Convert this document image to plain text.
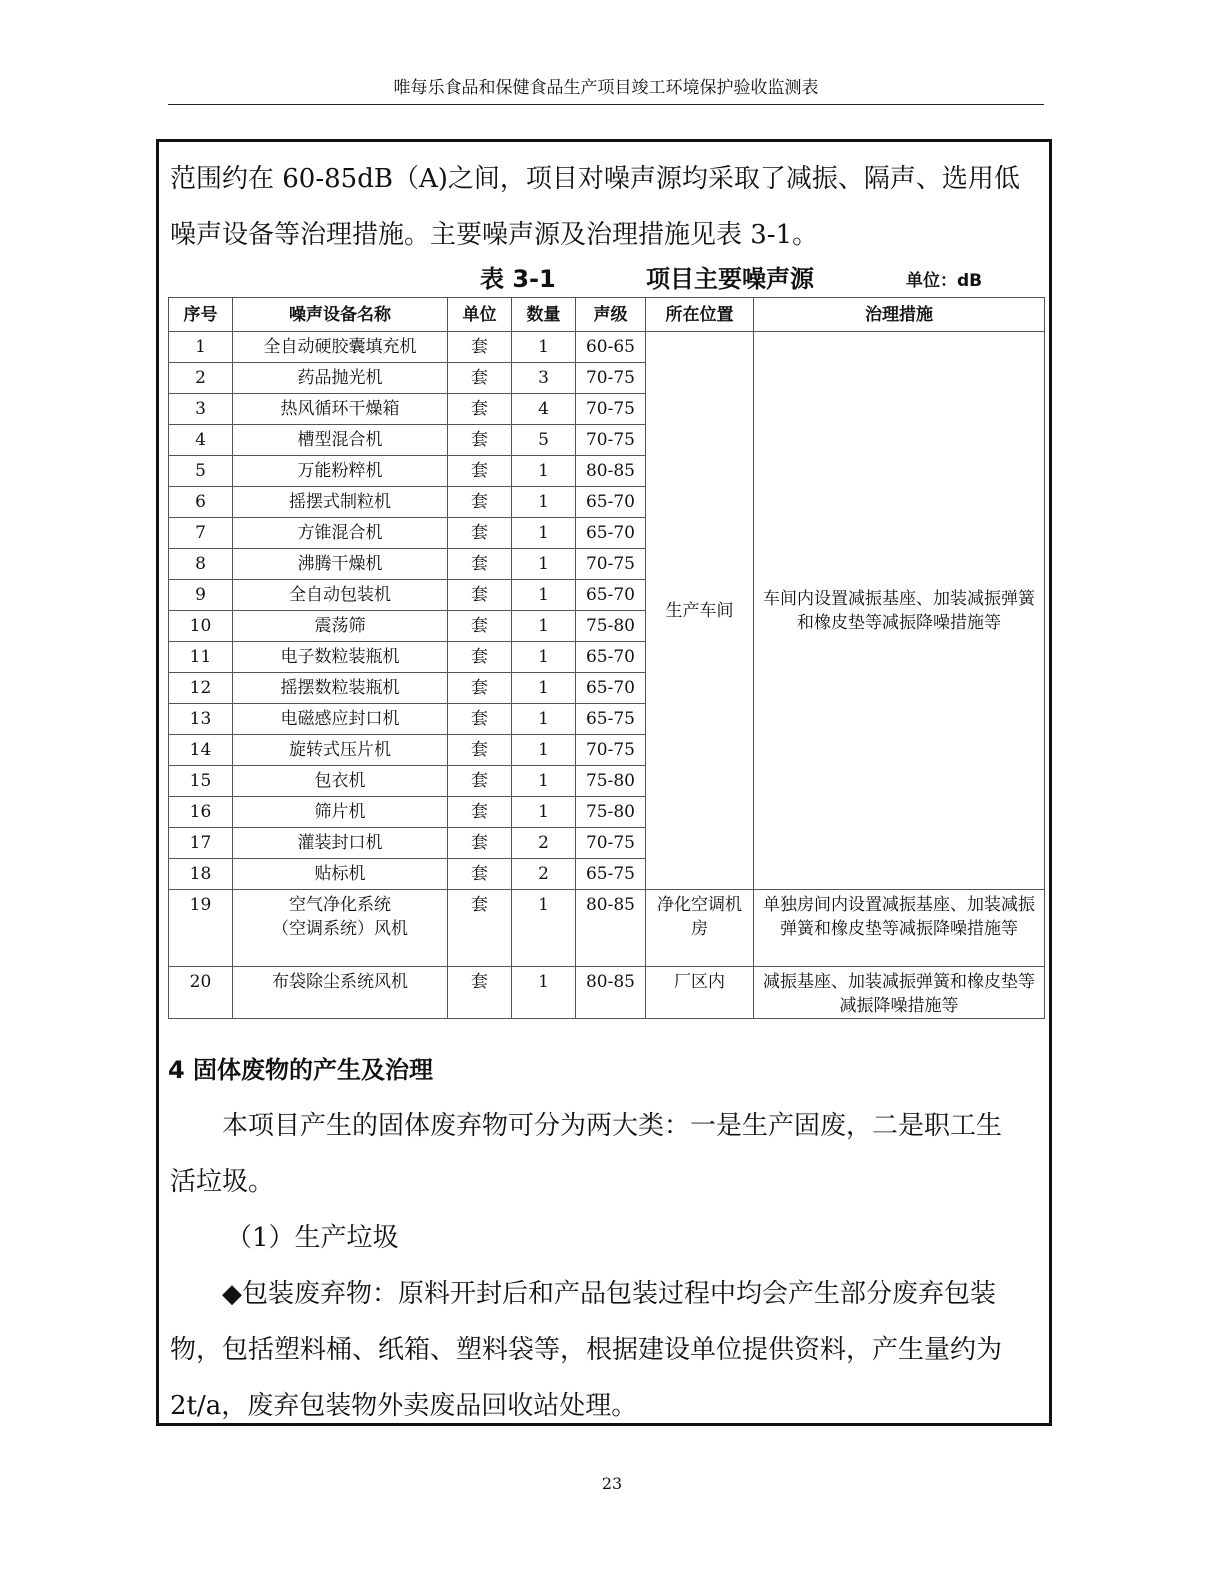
唯每乐食品和保健食品生产项目竣工环境保护验收监测表
范围约在 60-85dB（A)之间，项目对噪声源均采取了减振、隔声、选用低
噪声设备等治理措施。主要噪声源及治理措施见表 3-1。
表 3-1	项目主要噪声源	单位：dB
序号	噪声设备名称	单位	数量	声级	所在位置	治理措施
1	全自动硬胶囊填充机	套	1	60-65	生产车间	车间内设置减振基座、加装减振弹簧和橡皮垫等减振降噪措施等
2	药品抛光机	套	3	70-75		
3	热风循环干燥箱	套	4	70-75		
4	槽型混合机	套	5	70-75		
5	万能粉粹机	套	1	80-85		
6	摇摆式制粒机	套	1	65-70		
7	方锥混合机	套	1	65-70		
8	沸腾干燥机	套	1	70-75		
9	全自动包装机	套	1	65-70		
10	震荡筛	套	1	75-80		
11	电子数粒装瓶机	套	1	65-70		
12	摇摆数粒装瓶机	套	1	65-70		
13	电磁感应封口机	套	1	65-75		
14	旋转式压片机	套	1	70-75		
15	包衣机	套	1	75-80		
16	筛片机	套	1	75-80		
17	灌装封口机	套	2	70-75		
18	贴标机	套	2	65-75		
19	空气净化系统
（空调系统）风机	套	1	80-85	净化空调机房	单独房间内设置减振基座、加装减振弹簧和橡皮垫等减振降噪措施等
20	布袋除尘系统风机	套	1	80-85	厂区内	减振基座、加装减振弹簧和橡皮垫等减振降噪措施等
4 固体废物的产生及治理
本项目产生的固体废弃物可分为两大类：一是生产固废，二是职工生
活垃圾。
（1）生产垃圾
◆包装废弃物：原料开封后和产品包装过程中均会产生部分废弃包装
物，包括塑料桶、纸箱、塑料袋等，根据建设单位提供资料，产生量约为
2t/a，废弃包装物外卖废品回收站处理。
23
